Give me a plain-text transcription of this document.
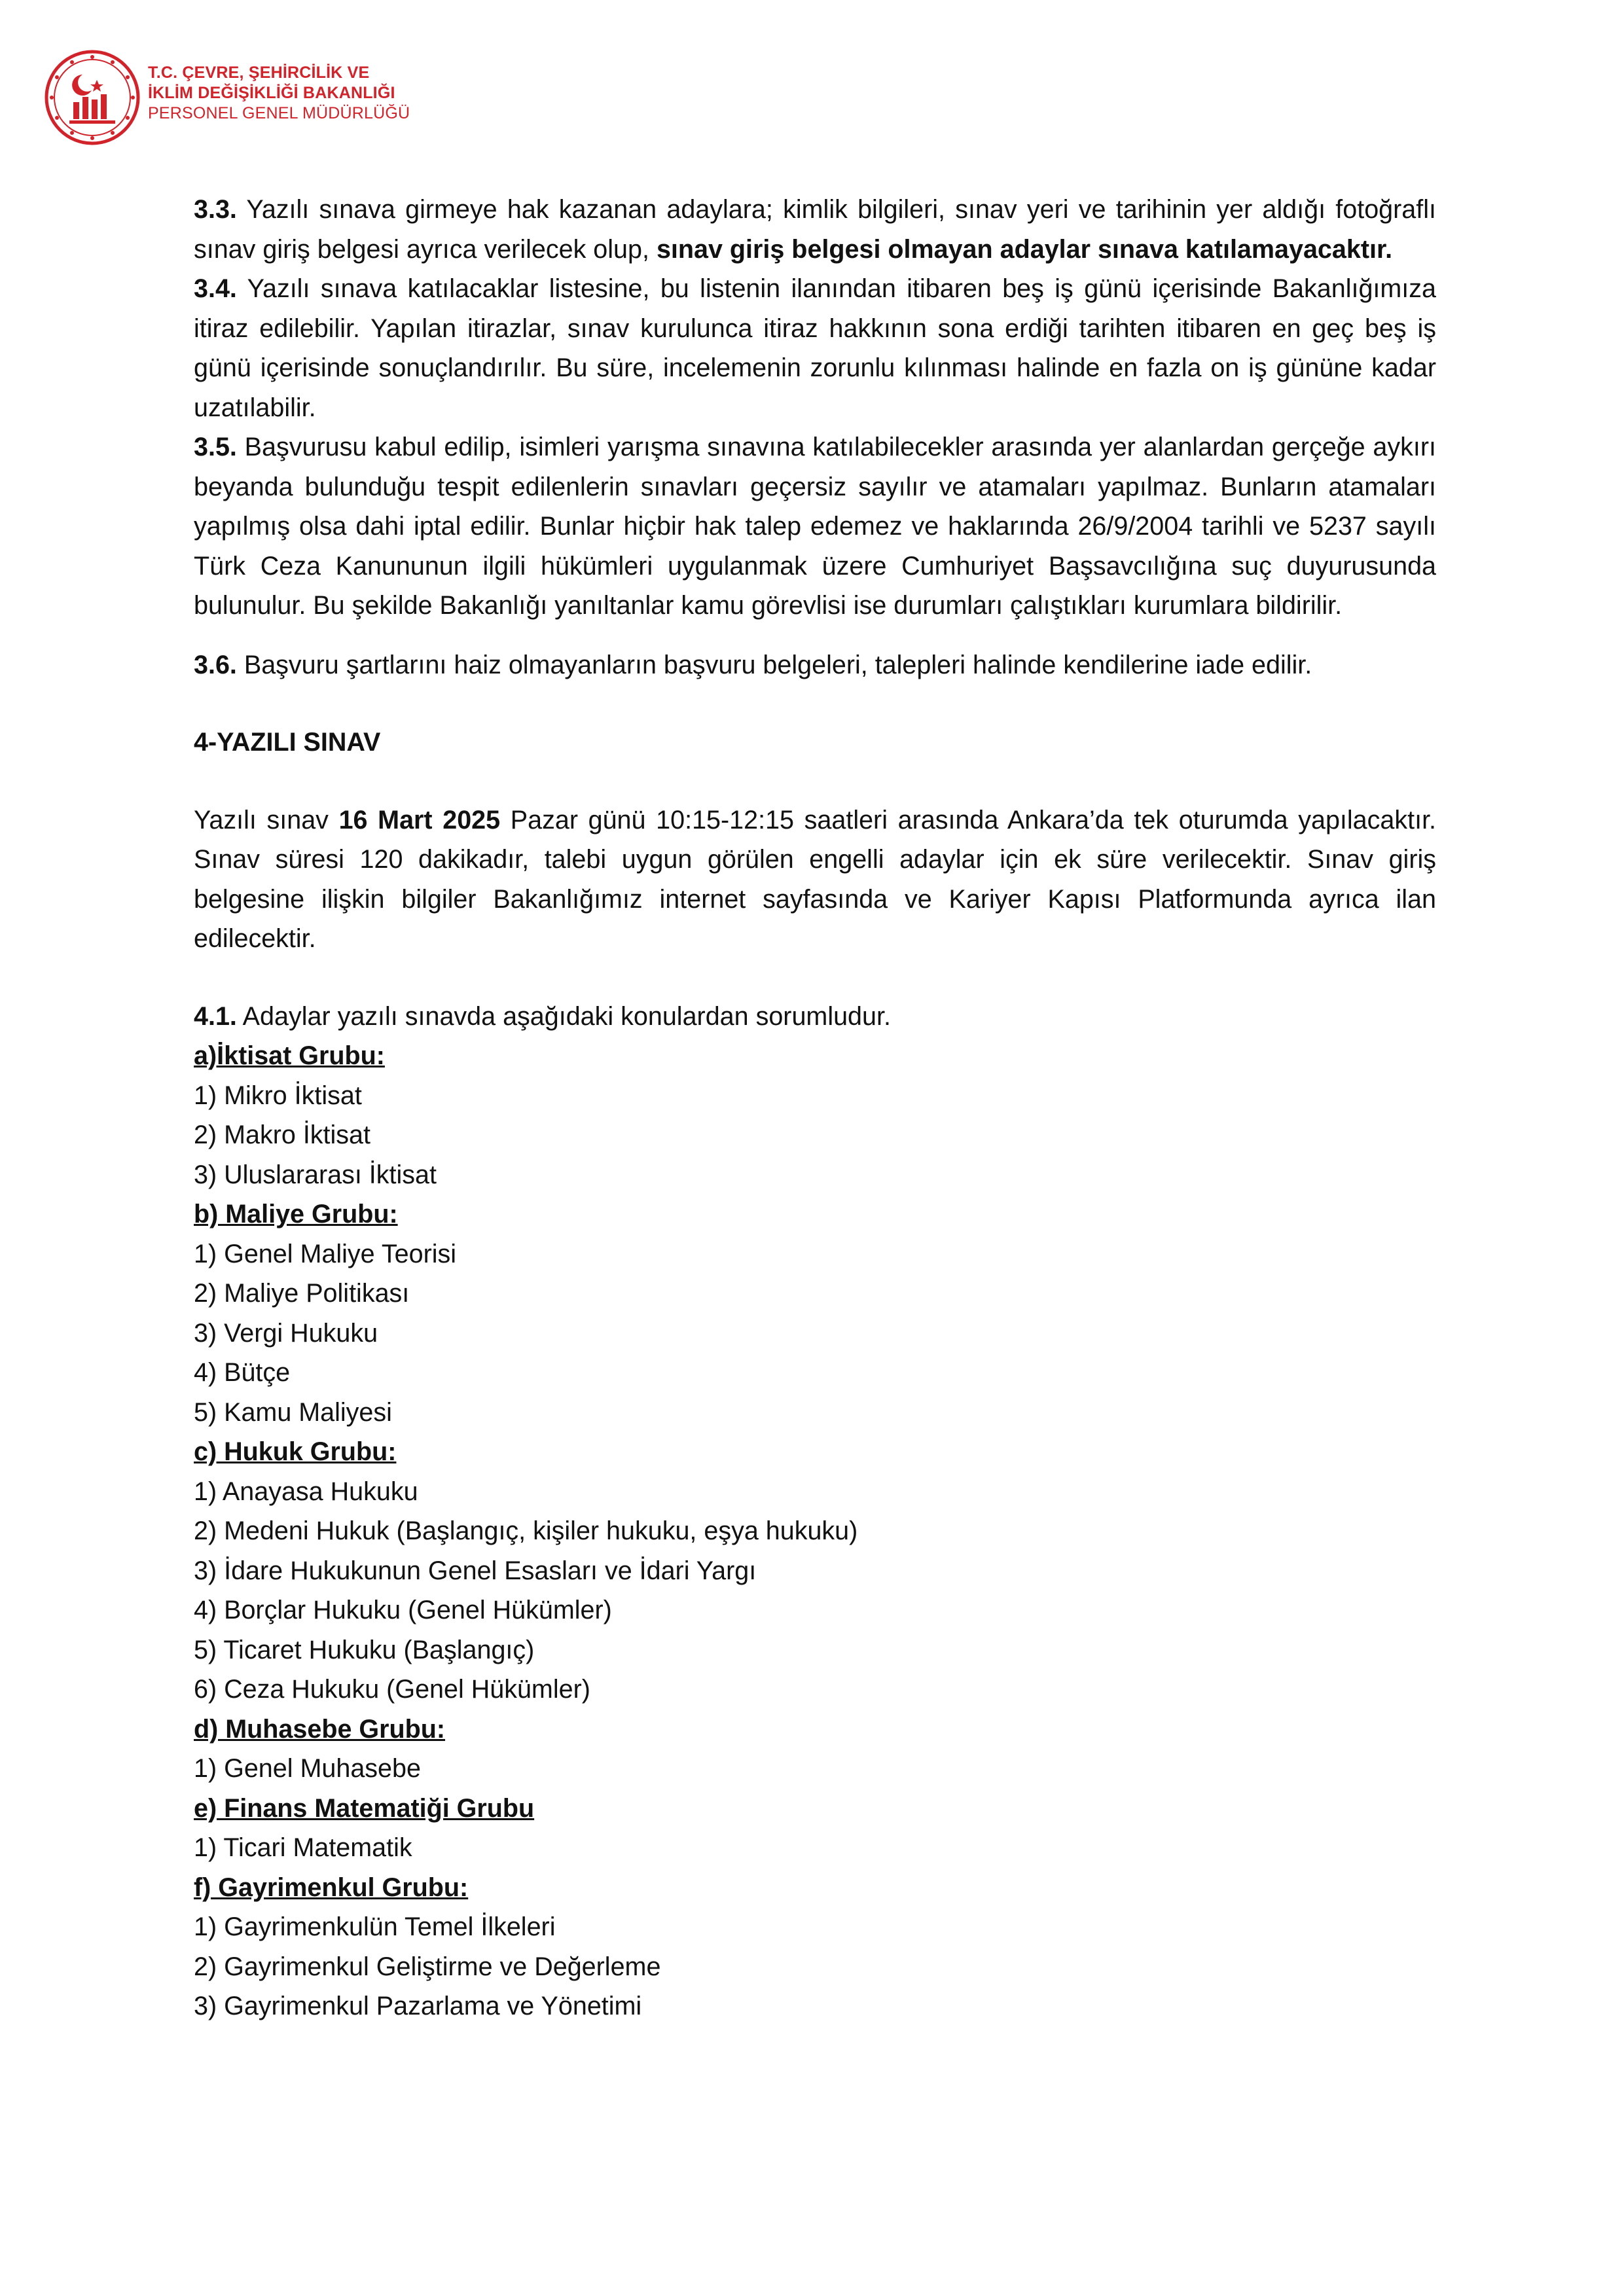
T.C. ÇEVRE, ŞEHİRCİLİK VE
İKLİM DEĞİŞİKLİĞİ BAKANLIĞI
PERSONEL GENEL MÜDÜRLÜĞÜ

3.3. Yazılı sınava girmeye hak kazanan adaylara; kimlik bilgileri, sınav yeri ve tarihinin yer aldığı fotoğraflı sınav giriş belgesi ayrıca verilecek olup, sınav giriş belgesi olmayan adaylar sınava katılamayacaktır.

3.4. Yazılı sınava katılacaklar listesine, bu listenin ilanından itibaren beş iş günü içerisinde Bakanlığımıza itiraz edilebilir. Yapılan itirazlar, sınav kurulunca itiraz hakkının sona erdiği tarihten itibaren en geç beş iş günü içerisinde sonuçlandırılır. Bu süre, incelemenin zorunlu kılınması halinde en fazla on iş gününe kadar uzatılabilir.

3.5. Başvurusu kabul edilip, isimleri yarışma sınavına katılabilecekler arasında yer alanlardan gerçeğe aykırı beyanda bulunduğu tespit edilenlerin sınavları geçersiz sayılır ve atamaları yapılmaz. Bunların atamaları yapılmış olsa dahi iptal edilir. Bunlar hiçbir hak talep edemez ve haklarında 26/9/2004 tarihli ve 5237 sayılı Türk Ceza Kanununun ilgili hükümleri uygulanmak üzere Cumhuriyet Başsavcılığına suç duyurusunda bulunulur. Bu şekilde Bakanlığı yanıltanlar kamu görevlisi ise durumları çalıştıkları kurumlara bildirilir.

3.6. Başvuru şartlarını haiz olmayanların başvuru belgeleri, talepleri halinde kendilerine iade edilir.

4-YAZILI SINAV

Yazılı sınav 16 Mart 2025 Pazar günü 10:15-12:15 saatleri arasında Ankara’da tek oturumda yapılacaktır. Sınav süresi 120 dakikadır, talebi uygun görülen engelli adaylar için ek süre verilecektir. Sınav giriş belgesine ilişkin bilgiler Bakanlığımız internet sayfasında ve Kariyer Kapısı Platformunda ayrıca ilan edilecektir.

4.1. Adaylar yazılı sınavda aşağıdaki konulardan sorumludur.

a)İktisat Grubu:

1) Mikro İktisat

2) Makro İktisat

3) Uluslararası İktisat

b) Maliye Grubu:

1) Genel Maliye Teorisi

2) Maliye Politikası

3) Vergi Hukuku

4) Bütçe

5) Kamu Maliyesi

c) Hukuk Grubu:

1) Anayasa Hukuku

2) Medeni Hukuk (Başlangıç, kişiler hukuku, eşya hukuku)

3) İdare Hukukunun Genel Esasları ve İdari Yargı

4) Borçlar Hukuku (Genel Hükümler)

5) Ticaret Hukuku (Başlangıç)

6) Ceza Hukuku (Genel Hükümler)

d) Muhasebe Grubu:

1) Genel Muhasebe

e) Finans Matematiği Grubu

1) Ticari Matematik

f) Gayrimenkul Grubu:

1) Gayrimenkulün Temel İlkeleri

2) Gayrimenkul Geliştirme ve Değerleme

3) Gayrimenkul Pazarlama ve Yönetimi
